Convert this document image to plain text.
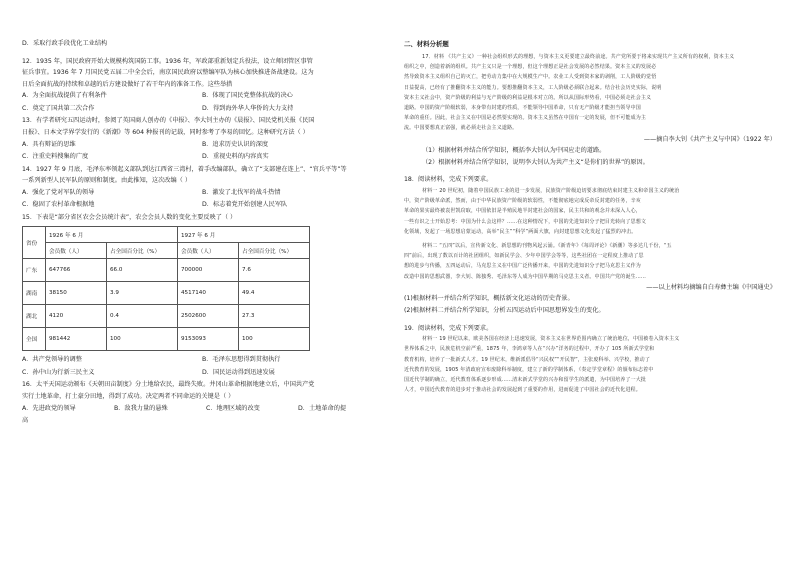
D．采取行政手段优化工业结构
12．1935 年，国民政府开始大规模构筑国防工事。1936 年，军政部重新划定兵役法，设立师团管区事管
征兵事宜。1936 年 7 月国民党五届二中全会后，南京国民政府以整编军队为核心加快推进备战建设。这为
日后全面抗战的持续和卓越的后方建设做好了若干年内的准备工作。这些举措
A．为全面抗战提供了有利条件	B．体现了国民党整体抗战的决心
C．奠定了国共第二次合作	D．得到海外华人华侨的大力支持
13．有学者研究五四运动时，参阅了英国商人创办的《申报》、李大钊主办的《晨报》、国民党机关报《民国
日报》、日本文学界学发行的《新潮》等 604 种报刊的记载，同时参考了李易的回忆。这种研究方法（ ）
A．具有辩证的思维	B．追求历史认识的深度
C．注重史料搜集的广度	D．重视史料的内容真实
14．1927 年 9 月底，毛泽东率领起义部队到达江西省三湾村，着手改编部队，确立了“支部建在连上”、“官兵平等”等
一系列新型人民军队的原则和制度。由此推知，这次改编（ ）
A．强化了党对军队的领导	B．激发了北伐军的战斗热情
C．稳固了农村革命根据地	D．标志着党开始创建人民军队
15．下表是“部分省区农会会员统计表”，农会会员人数的变化主要反映了（ ）
省份	1926 年 6 月		1927 年 6 月	
	会员数（人）	占全国百分比（%）	会员数（人）	占全国百分比（%）
广东	647766	66.0	700000	7.6
湖南	38150	3.9	4517140	49.4
湖北	4120	0.4	2502600	27.3
全国	981442	100	9153093	100
A．共产党领导的调整	B．毛泽东思想得到贯彻执行
C．孙中山为行新三民主义	D．国民运动得到迅速发展
16．太平天国运动颁布《天朝田亩制度》分土地给农民，最终失败。井冈山革命根据地建立后，中国共产党
实行土地革命，打土豪分田地，得到了成功。决定两者不同命运的关键是（ ）
A．先进政党的领导	B．敌我力量的悬殊	C．地理区域的改变	D．土地革命的提
高
二、材料分析题
17．材料 《共产主义》一种社会组织形式的理想，与资本主义更要建立最终前途。共产党所要于将来实现共产主义所有的权利，资本主义
组织之中，创造着新的组织。共产主义只是一个理想，但这个理想正是社会发展的必然结果。资本主义的发展必
然导致资本主义组织自己的灭亡，把劳动力集中在大规模生产中。农业工人受到资本家的剥削，工人阶级的觉悟
日益提高，已经有了推翻资本主义的能力。要想推翻资本主义，工人阶级必须联合起来。结合社会历史实际，说明
资本主义社会中，资产阶级的利益与无产阶级的利益是根本对立的。所以从国际形势看，中国必须走社会主义
道路。中国的资产阶级软弱，本身带有封建的性质，不能领导中国革命，只有无产阶级才能担当领导中国
革命的重任。因此，社会主义在中国是必然要实现的。资本主义虽然在中国有一定的发展，但不可能成为主
流。中国要想真正富强，就必须走社会主义道路。
——摘自李大钊《共产主义与中国》（1922 年）
（1）根据材料并结合所学知识，概括李大钊认为中国应走的道路。
（2）根据材料并结合所学知识，说明李大钊认为共产主义“是你们的世界”的原因。
18．阅读材料，完成下列要求。
材料一 20 世纪初，随着中国民族工业的进一步发展，民族资产阶级迫切要求彻底结束封建主义和帝国主义的统治
中，资产阶级革命派，然而，由于中华民族资产阶级的软弱性，不能彻底地完成反帝反封建的任务，辛亥
革命的果实最终被袁世凯窃取，中国依旧是半殖民地半封建社会的国家，民主共和的观念并未深入人心，
一些有识之士开始思考：中国为什么会这样？……在这种情况下，中国的先进知识分子把目光转向了思想文
化领域，发起了一场思想启蒙运动，高举“民主”“科学”两面大旗，向封建思想文化发起了猛烈的冲击。
材料二 “五四”以后，宣传新文化、新思想的刊物风起云涌。《新青年》《每周评论》《新潮》等多达几千份，“五
四”前后，出现了数以百计的社团组织，如新民学会、少年中国学会等等，这些社团在一定程度上推动了思
想的进步与传播，五四运动后，马克思主义在中国广泛传播开来，中国的先进知识分子把马克思主义作为
改造中国的思想武器，李大钊、陈独秀、毛泽东等人成为中国早期的马克思主义者。中国共产党的诞生……
——以上材料均摘编自白寿彝主编《中国通史》
(1)根据材料一并结合所学知识，概括新文化运动的历史背景。
(2)根据材料二并结合所学知识，分析五四运动后中国思想界发生的变化。
19．阅读材料，完成下列要求。
材料一 19 世纪以来，欧美各国在经济上迅速发展，资本主义在世界范围内确立了统治地位，中国被卷入资本主义
世界体系之中，民族危机空前严重，1875 年，李鸿章等人在“兴办”洋务的过程中，开办了 105 所新式学堂和
教育机构，培养了一批新式人才。19 世纪末，维新派倡导“兴民权”“开民智”，主张废科举、兴学校，推动了
近代教育的发展，1905 年清政府宣布废除科举制度，建立了新的学制体系，《奏定学堂章程》的颁布标志着中
国近代学制的确立，近代教育体系逐步形成……清末新式学堂的兴办和留学生的派遣，为中国培养了一大批
人才，中国近代教育的进步对于推动社会的发展起到了重要的作用，进而促进了中国社会的近代化进程。
